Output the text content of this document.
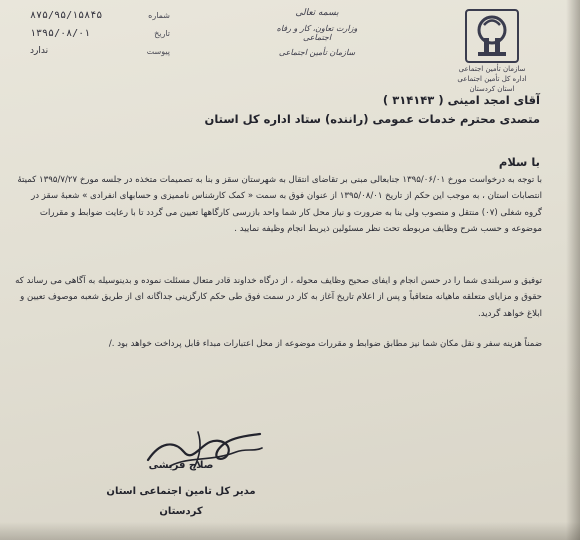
۸۷۵/۹۵/۱۵۸۴۵	شماره
۱۳۹۵/۰۸/۰۱	تاریخ
ندارد	پیوست
بسمه تعالی
وزارت تعاون، کار و رفاه اجتماعی
سازمان تأمین اجتماعی
سازمان تأمین اجتماعی
اداره کل تأمین اجتماعی استان کردستان
آقای امجد امینی ( ۳۱۴۱۴۳ )
متصدی محترم خدمات عمومی (راننده) ستاد اداره کل استان
با سلام
با توجه به درخواست مورخ ۱۳۹۵/۰۶/۰۱ جنابعالی مبنی بر تقاضای انتقال به شهرستان سقز و بنا به تصمیمات متخذه در جلسه مورخ ۱۳۹۵/۷/۲۷ کمیتهٔ انتصابات استان ، به موجب این حکم از تاریخ ۱۳۹۵/۰۸/۰۱ از عنوان فوق به سمت « کمک کارشناس ناممیزی و حسابهای انفرادی » شعبهٔ سقز در گروه شغلی (۰۷) منتقل و منصوب ولی بنا به ضرورت و نیاز محل کار شما واحد بازرسی کارگاهها تعیین می گردد تا با رعایت ضوابط و مقررات موضوعه و حسب شرح وظایف مربوطه تحت نظر مسئولین ذیربط انجام وظیفه نمایید .
توفیق و سربلندی شما را در حسن انجام و ایفای صحیح وظایف محوله ، از درگاه خداوند قادر متعال مسئلت نموده و بدینوسیله به آگاهی می رساند که حقوق و مزایای متعلقه ماهیانه متعاقباً و پس از اعلام تاریخ آغاز به کار در سمت فوق طی حکم کارگزینی جداگانه ای از طریق شعبه موصوف تعیین و ابلاغ خواهد گردید.
ضمناً هزینه سفر و نقل مکان شما نیز مطابق ضوابط و مقررات موضوعه از محل اعتبارات مبداء قابل پرداخت خواهد بود ./
صلاح قریشی
مدیر کل تامین اجتماعی استان
کردستان
